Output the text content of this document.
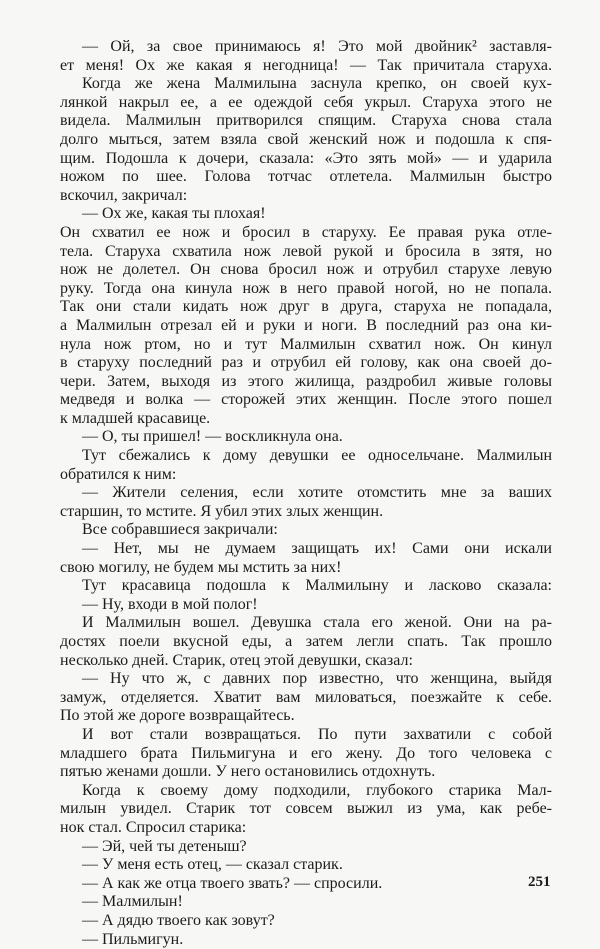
— Ой, за свое принимаюсь я! Это мой двойник² заставля-
ет меня! Ох же какая я негодница! — Так причитала старуха.
Когда же жена Малмилына заснула крепко, он своей кух-
лянкой накрыл ее, а ее одеждой себя укрыл. Старуха этого не
видела. Малмилын притворился спящим. Старуха снова стала
долго мыться, затем взяла свой женский нож и подошла к спя-
щим. Подошла к дочери, сказала: «Это зять мой» — и ударила
ножом по шее. Голова тотчас отлетела. Малмилын быстро
вскочил, закричал:
— Ох же, какая ты плохая!
Он схватил ее нож и бросил в старуху. Ее правая рука отле-
тела. Старуха схватила нож левой рукой и бросила в зятя, но
нож не долетел. Он снова бросил нож и отрубил старухе левую
руку. Тогда она кинула нож в него правой ногой, но не попала.
Так они стали кидать нож друг в друга, старуха не попадала,
а Малмилын отрезал ей и руки и ноги. В последний раз она ки-
нула нож ртом, но и тут Малмилын схватил нож. Он кинул
в старуху последний раз и отрубил ей голову, как она своей до-
чери. Затем, выходя из этого жилища, раздробил живые головы
медведя и волка — сторожей этих женщин. После этого пошел
к младшей красавице.
— О, ты пришел! — воскликнула она.
Тут сбежались к дому девушки ее односельчане. Малмилын
обратился к ним:
— Жители селения, если хотите отомстить мне за ваших
старшин, то мстите. Я убил этих злых женщин.
Все собравшиеся закричали:
— Нет, мы не думаем защищать их! Сами они искали
свою могилу, не будем мы мстить за них!
Тут красавица подошла к Малмилыну и ласково сказала:
— Ну, входи в мой полог!
И Малмилын вошел. Девушка стала его женой. Они на ра-
достях поели вкусной еды, а затем легли спать. Так прошло
несколько дней. Старик, отец этой девушки, сказал:
— Ну что ж, с давних пор известно, что женщина, выйдя
замуж, отделяется. Хватит вам миловаться, поезжайте к себе.
По этой же дороге возвращайтесь.
И вот стали возвращаться. По пути захватили с собой
младшего брата Пильмигуна и его жену. До того человека с
пятью женами дошли. У него остановились отдохнуть.
Когда к своему дому подходили, глубокого старика Мал-
милын увидел. Старик тот совсем выжил из ума, как ребе-
нок стал. Спросил старика:
— Эй, чей ты детеныш?
— У меня есть отец, — сказал старик.
— А как же отца твоего звать? — спросили.
— Малмилын!
— А дядю твоего как зовут?
— Пильмигун.
251
